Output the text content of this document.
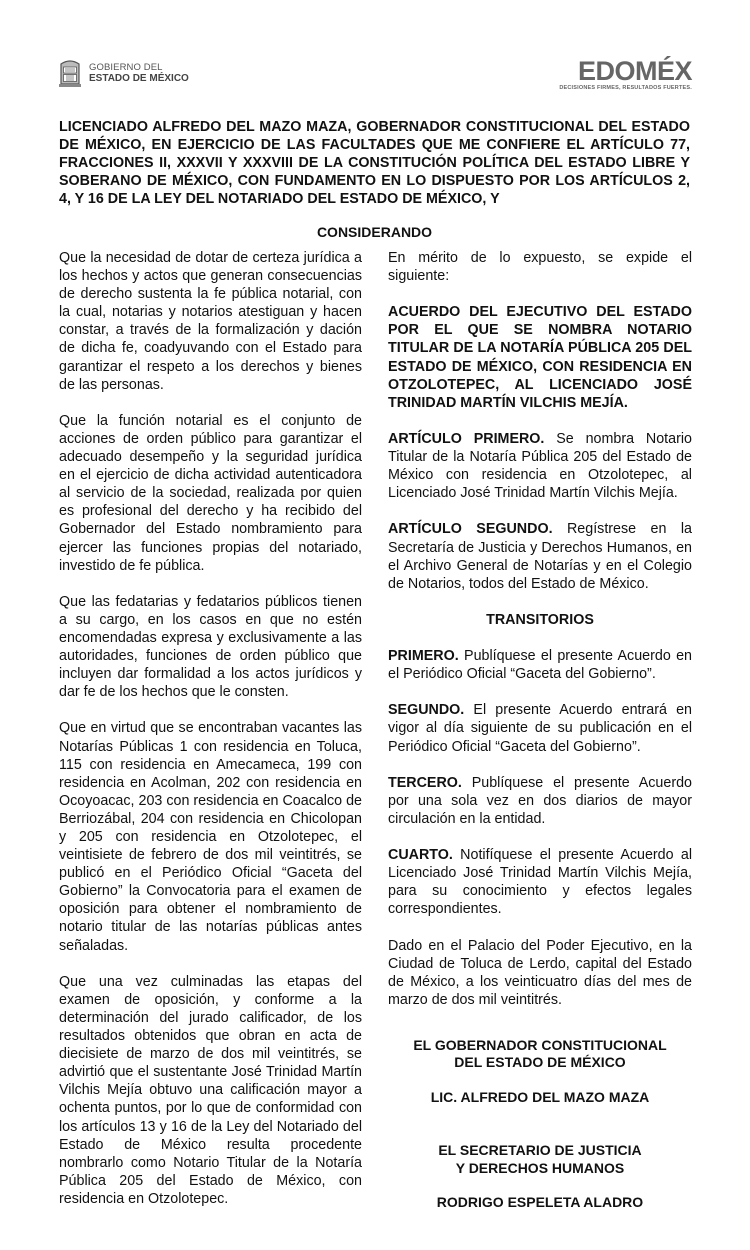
GOBIERNO DEL
ESTADO DE MÉXICO	EDOMÉX
DECISIONES FIRMES, RESULTADOS FUERTES.
LICENCIADO ALFREDO DEL MAZO MAZA, GOBERNADOR CONSTITUCIONAL DEL ESTADO DE MÉXICO, EN EJERCICIO DE LAS FACULTADES QUE ME CONFIERE EL ARTÍCULO 77, FRACCIONES II, XXXVII Y XXXVIII DE LA CONSTITUCIÓN POLÍTICA DEL ESTADO LIBRE Y SOBERANO DE MÉXICO, CON FUNDAMENTO EN LO DISPUESTO POR LOS ARTÍCULOS 2, 4, Y 16 DE LA LEY DEL NOTARIADO DEL ESTADO DE MÉXICO, Y
CONSIDERANDO

Que la necesidad de dotar de certeza jurídica a los hechos y actos que generan consecuencias de derecho sustenta la fe pública notarial, con la cual, notarias y notarios atestiguan y hacen constar, a través de la formalización y dación de dicha fe, coadyuvando con el Estado para garantizar el respeto a los derechos y bienes de las personas.

Que la función notarial es el conjunto de acciones de orden público para garantizar el adecuado desempeño y la seguridad jurídica en el ejercicio de dicha actividad autenticadora al servicio de la sociedad, realizada por quien es profesional del derecho y ha recibido del Gobernador del Estado nombramiento para ejercer las funciones propias del notariado, investido de fe pública.

Que las fedatarias y fedatarios públicos tienen a su cargo, en los casos en que no estén encomendadas expresa y exclusivamente a las autoridades, funciones de orden público que incluyen dar formalidad a los actos jurídicos y dar fe de los hechos que le consten.

Que en virtud que se encontraban vacantes las Notarías Públicas 1 con residencia en Toluca, 115 con residencia en Amecameca, 199 con residencia en Acolman, 202 con residencia en Ocoyoacac, 203 con residencia en Coacalco de Berriozábal, 204 con residencia en Chicolopan y 205 con residencia en Otzolotepec, el veintisiete de febrero de dos mil veintitrés, se publicó en el Periódico Oficial “Gaceta del Gobierno” la Convocatoria para el examen de oposición para obtener el nombramiento de notario titular de las notarías públicas antes señaladas.

Que una vez culminadas las etapas del examen de oposición, y conforme a la determinación del jurado calificador, de los resultados obtenidos que obran en acta de diecisiete de marzo de dos mil veintitrés, se advirtió que el sustentante José Trinidad Martín Vilchis Mejía obtuvo una calificación mayor a ochenta puntos, por lo que de conformidad con los artículos 13 y 16 de la Ley del Notariado del Estado de México resulta procedente nombrarlo como Notario Titular de la Notaría Pública 205 del Estado de México, con residencia en Otzolotepec.

En mérito de lo expuesto, se expide el siguiente:

ACUERDO DEL EJECUTIVO DEL ESTADO POR EL QUE SE NOMBRA NOTARIO TITULAR DE LA NOTARÍA PÚBLICA 205 DEL ESTADO DE MÉXICO, CON RESIDENCIA EN OTZOLOTEPEC, AL LICENCIADO JOSÉ TRINIDAD MARTÍN VILCHIS MEJÍA.

ARTÍCULO PRIMERO. Se nombra Notario Titular de la Notaría Pública 205 del Estado de México con residencia en Otzolotepec, al Licenciado José Trinidad Martín Vilchis Mejía.

ARTÍCULO SEGUNDO. Regístrese en la Secretaría de Justicia y Derechos Humanos, en el Archivo General de Notarías y en el Colegio de Notarios, todos del Estado de México.

TRANSITORIOS

PRIMERO. Publíquese el presente Acuerdo en el Periódico Oficial “Gaceta del Gobierno”.

SEGUNDO. El presente Acuerdo entrará en vigor al día siguiente de su publicación en el Periódico Oficial “Gaceta del Gobierno”.

TERCERO. Publíquese el presente Acuerdo por una sola vez en dos diarios de mayor circulación en la entidad.

CUARTO. Notifíquese el presente Acuerdo al Licenciado José Trinidad Martín Vilchis Mejía, para su conocimiento y efectos legales correspondientes.

Dado en el Palacio del Poder Ejecutivo, en la Ciudad de Toluca de Lerdo, capital del Estado de México, a los veinticuatro días del mes de marzo de dos mil veintitrés.

EL GOBERNADOR CONSTITUCIONAL
DEL ESTADO DE MÉXICO
LIC. ALFREDO DEL MAZO MAZA
EL SECRETARIO DE JUSTICIA
Y DERECHOS HUMANOS
RODRIGO ESPELETA ALADRO
